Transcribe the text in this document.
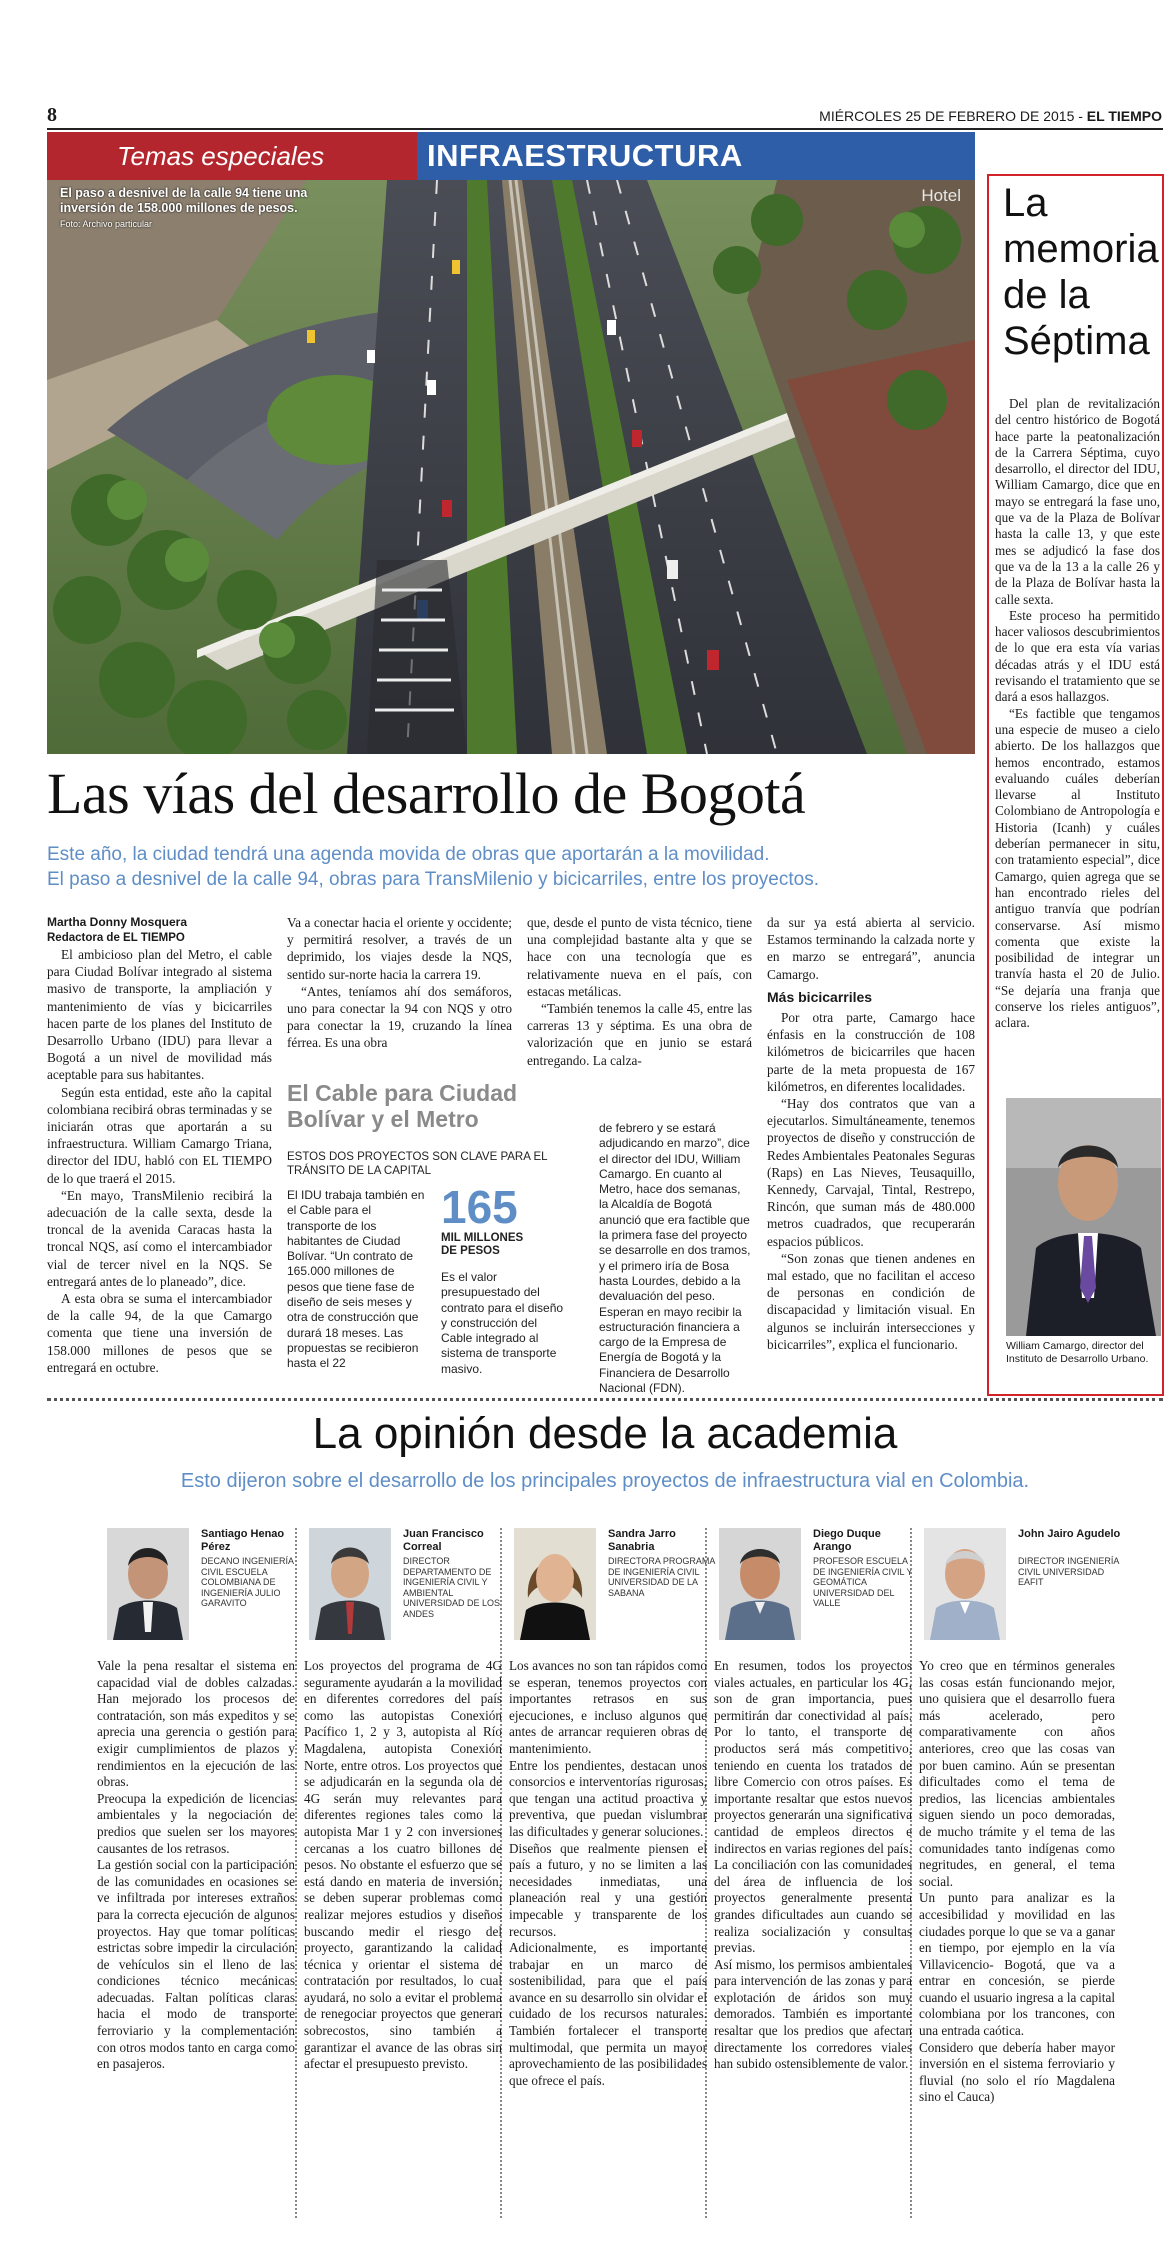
8	MIÉRCOLES 25 DE FEBRERO DE 2015 - EL TIEMPO
Temas especiales	INFRAESTRUCTURA
Hotel
El paso a desnivel de la calle 94 tiene una inversión de 158.000 millones de pesos. Foto: Archivo particular
Las vías del desarrollo de Bogotá
Este año, la ciudad tendrá una agenda movida de obras que aportarán a la movilidad.
El paso a desnivel de la calle 94, obras para TransMilenio y bicicarriles, entre los proyectos.
Martha Donny Mosquera
Redactora de EL TIEMPO

El ambicioso plan del Metro, el cable para Ciudad Bolívar integrado al sistema masivo de transporte, la ampliación y mantenimiento de vías y bicicarriles hacen parte de los planes del Instituto de Desarrollo Urbano (IDU) para llevar a Bogotá a un nivel de movilidad más aceptable para sus habitantes.

Según esta entidad, este año la capital colombiana recibirá obras terminadas y se iniciarán otras que aportarán a su infraestructura. William Camargo Triana, director del IDU, habló con EL TIEMPO de lo que traerá el 2015.

“En mayo, TransMilenio recibirá la adecuación de la calle sexta, desde la troncal de la avenida Caracas hasta la troncal NQS, así como el intercambiador vial de tercer nivel en la NQS. Se entregará antes de lo planeado”, dice.

A esta obra se suma el intercambiador de la calle 94, de la que Camargo comenta que tiene una inversión de 158.000 millones de pesos que se entregará en octubre.

Va a conectar hacia el oriente y occidente; y permitirá resolver, a través de un deprimido, los viajes desde la NQS, sentido sur-norte hacia la carrera 19.

“Antes, teníamos ahí dos semáforos, uno para conectar la 94 con NQS y otro para conectar la 19, cruzando la línea férrea. Es una obra

que, desde el punto de vista técnico, tiene una complejidad bastante alta y que se hace con una tecnología que es relativamente nueva en el país, con estacas metálicas.

“También tenemos la calle 45, entre las carreras 13 y séptima. Es una obra de valorización que en junio se estará entregando. La calza-

da sur ya está abierta al servicio. Estamos terminando la calzada norte y en marzo se entregará”, anuncia Camargo.

Más bicicarriles

Por otra parte, Camargo hace énfasis en la construcción de 108 kilómetros de bicicarriles que hacen parte de la meta propuesta de 167 kilómetros, en diferentes localidades.

“Hay dos contratos que van a ejecutarlos. Simultáneamente, tenemos proyectos de diseño y construcción de Redes Ambientales Peatonales Seguras (Raps) en Las Nieves, Teusaquillo, Kennedy, Carvajal, Tintal, Restrepo, Rincón, que suman más de 480.000 metros cuadrados, que recuperarán espacios públicos.

“Son zonas que tienen andenes en mal estado, que no facilitan el acceso de personas en condición de discapacidad y limitación visual. En algunos se incluirán intersecciones y bicicarriles”, explica el funcionario.

El Cable para Ciudad Bolívar y el Metro
ESTOS DOS PROYECTOS SON CLAVE PARA EL TRÁNSITO DE LA CAPITAL
El IDU trabaja también en el Cable para el transporte de los habitantes de Ciudad Bolívar. “Un contrato de 165.000 millones de pesos que tiene fase de diseño de seis meses y otra de construcción que durará 18 meses. Las propuestas se recibieron hasta el 22
165
MIL MILLONES DE PESOS
Es el valor presupuestado del contrato para el diseño y construcción del Cable integrado al sistema de transporte masivo.
de febrero y se estará adjudicando en marzo”, dice el director del IDU, William Camargo. En cuanto al Metro, hace dos semanas, la Alcaldía de Bogotá anunció que era factible que la primera fase del proyecto se desarrolle en dos tramos, y el primero iría de Bosa hasta Lourdes, debido a la devaluación del peso. Esperan en mayo recibir la estructuración financiera a cargo de la Empresa de Energía de Bogotá y la Financiera de Desarrollo Nacional (FDN).
La
memoria
de la
Séptima

Del plan de revitalización del centro histórico de Bogotá hace parte la peatonalización de la Carrera Séptima, cuyo desarrollo, el director del IDU, William Camargo, dice que en mayo se entregará la fase uno, que va de la Plaza de Bolívar hasta la calle 13, y que este mes se adjudicó la fase dos que va de la 13 a la calle 26 y de la Plaza de Bolívar hasta la calle sexta.

Este proceso ha permitido hacer valiosos descubrimientos de lo que era esta vía varias décadas atrás y el IDU está revisando el tratamiento que se dará a esos hallazgos.

“Es factible que tengamos una especie de museo a cielo abierto. De los hallazgos que hemos encontrado, estamos evaluando cuáles deberían llevarse al Instituto Colombiano de Antropología e Historia (Icanh) y cuáles deberían permanecer in situ, con tratamiento especial”, dice Camargo, quien agrega que se han encontrado rieles del antiguo tranvía que podrían conservarse. Así mismo comenta que existe la posibilidad de integrar un tranvía hasta el 20 de Julio. “Se dejaría una franja que conserve los rieles antiguos”, aclara.

William Camargo, director del Instituto de Desarrollo Urbano.
La opinión desde la academia
Esto dijeron sobre el desarrollo de los principales proyectos de infraestructura vial en Colombia.
Santiago Henao Pérez
DECANO INGENIERÍA CIVIL ESCUELA COLOMBIANA DE INGENIERÍA JULIO GARAVITO
Juan Francisco Correal
DIRECTOR DEPARTAMENTO DE INGENIERÍA CIVIL Y AMBIENTAL UNIVERSIDAD DE LOS ANDES
Sandra Jarro Sanabria
DIRECTORA PROGRAMA DE INGENIERÍA CIVIL UNIVERSIDAD DE LA SABANA
Diego Duque Arango
PROFESOR ESCUELA DE INGENIERÍA CIVIL Y GEOMÁTICA UNIVERSIDAD DEL VALLE
John Jairo Agudelo
DIRECTOR INGENIERÍA CIVIL UNIVERSIDAD EAFIT

Vale la pena resaltar el sistema en capacidad vial de dobles calzadas. Han mejorado los procesos de contratación, son más expeditos y se aprecia una gerencia o gestión para exigir cumplimientos de plazos y rendimientos en la ejecución de las obras.

Preocupa la expedición de licencias ambientales y la negociación de predios que suelen ser los mayores causantes de los retrasos.

La gestión social con la participación de las comunidades en ocasiones se ve infiltrada por intereses extraños para la correcta ejecución de algunos proyectos. Hay que tomar políticas estrictas sobre impedir la circulación de vehículos sin el lleno de las condiciones técnico mecánicas adecuadas. Faltan políticas claras hacia el modo de transporte ferroviario y la complementación con otros modos tanto en carga como en pasajeros.

Los proyectos del programa de 4G seguramente ayudarán a la movilidad en diferentes corredores del país como las autopistas Conexión Pacífico 1, 2 y 3, autopista al Río Magdalena, autopista Conexión Norte, entre otros. Los proyectos que se adjudicarán en la segunda ola de 4G serán muy relevantes para diferentes regiones tales como la autopista Mar 1 y 2 con inversiones cercanas a los cuatro billones de pesos. No obstante el esfuerzo que se está dando en materia de inversión, se deben superar problemas como realizar mejores estudios y diseños buscando medir el riesgo del proyecto, garantizando la calidad técnica y orientar el sistema de contratación por resultados, lo cual ayudará, no solo a evitar el problema de renegociar proyectos que generan sobrecostos, sino también a garantizar el avance de las obras sin afectar el presupuesto previsto.

Los avances no son tan rápidos como se esperan, tenemos proyectos con importantes retrasos en sus ejecuciones, e incluso algunos que antes de arrancar requieren obras de mantenimiento.

Entre los pendientes, destacan unos consorcios e interventorías rigurosas, que tengan una actitud proactiva y preventiva, que puedan vislumbrar las dificultades y generar soluciones.

Diseños que realmente piensen el país a futuro, y no se limiten a las necesidades inmediatas, una planeación real y una gestión impecable y transparente de los recursos.

Adicionalmente, es importante trabajar en un marco de sostenibilidad, para que el país avance en su desarrollo sin olvidar el cuidado de los recursos naturales. También fortalecer el transporte multimodal, que permita un mayor aprovechamiento de las posibilidades que ofrece el país.

En resumen, todos los proyectos viales actuales, en particular los 4G, son de gran importancia, pues permitirán dar conectividad al país. Por lo tanto, el transporte de productos será más competitivo, teniendo en cuenta los tratados de libre Comercio con otros países. Es importante resaltar que estos nuevos proyectos generarán una significativa cantidad de empleos directos e indirectos en varias regiones del país.

La conciliación con las comunidades del área de influencia de los proyectos generalmente presenta grandes dificultades aun cuando se realiza socialización y consultas previas.

Así mismo, los permisos ambientales para intervención de las zonas y para explotación de áridos son muy demorados. También es importante resaltar que los predios que afectan directamente los corredores viales han subido ostensiblemente de valor.

Yo creo que en términos generales las cosas están funcionando mejor, uno quisiera que el desarrollo fuera más acelerado, pero comparativamente con años anteriores, creo que las cosas van por buen camino. Aún se presentan dificultades como el tema de predios, las licencias ambientales siguen siendo un poco demoradas, de mucho trámite y el tema de las comunidades tanto indígenas como negritudes, en general, el tema social.

Un punto para analizar es la accesibilidad y movilidad en las ciudades porque lo que se va a ganar en tiempo, por ejemplo en la vía Villavicencio- Bogotá, que va a entrar en concesión, se pierde cuando el usuario ingresa a la capital colombiana por los trancones, con una entrada caótica.

Considero que debería haber mayor inversión en el sistema ferroviario y fluvial (no solo el río Magdalena sino el Cauca)
